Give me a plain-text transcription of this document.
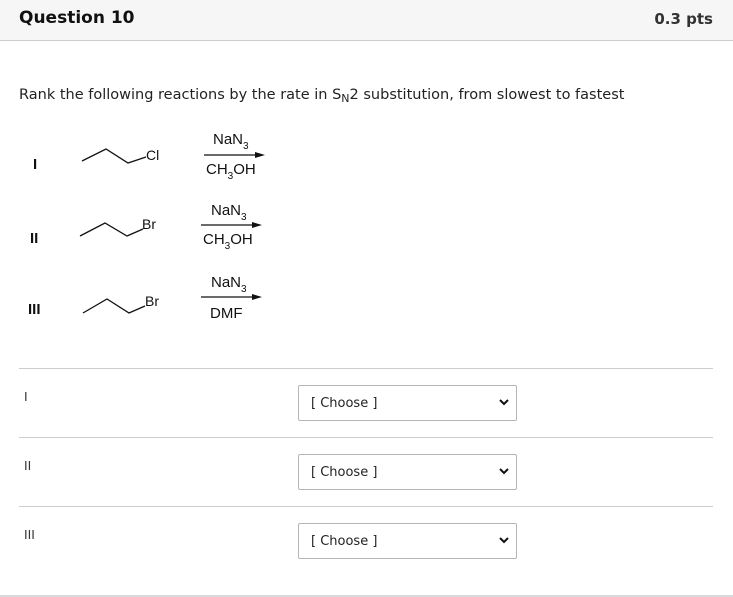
Question 10	0.3 pts
Rank the following reactions by the rate in $S_N2$ substitution, from slowest to fastest
I
Cl
NaN$_3$
$CH_3OH$
II
Br
NaN$_3$
$CH_3OH$
III	Br
NaN$_3$
DMF
I	[ Choose ]
II	[ Choose ]
III	[ Choose ]
